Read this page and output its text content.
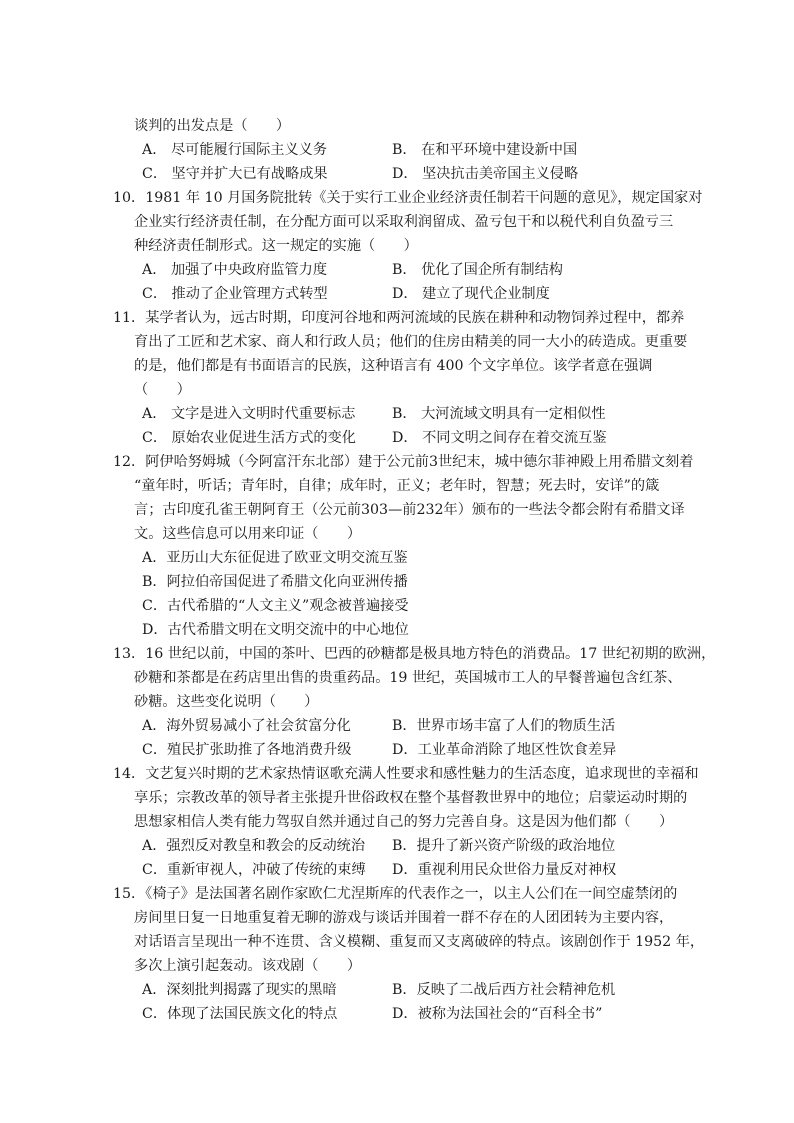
谈判的出发点是（　　）
A． 尽可能履行国际主义义务	B． 在和平环境中建设新中国
C． 坚守并扩大已有战略成果	D． 坚决抗击美帝国主义侵略
10．1981 年 10 月国务院批转《关于实行工业企业经济责任制若干问题的意见》，规定国家对
企业实行经济责任制，在分配方面可以采取利润留成、盈亏包干和以税代利自负盈亏三
种经济责任制形式。这一规定的实施（　　）
A． 加强了中央政府监管力度	B． 优化了国企所有制结构
C． 推动了企业管理方式转型	D． 建立了现代企业制度
11．某学者认为，远古时期，印度河谷地和两河流域的民族在耕种和动物饲养过程中，都养
育出了工匠和艺术家、商人和行政人员；他们的住房由精美的同一大小的砖造成。更重要
的是，他们都是有书面语言的民族，这种语言有 400 个文字单位。该学者意在强调
（　　）
A． 文字是进入文明时代重要标志	B． 大河流域文明具有一定相似性
C． 原始农业促进生活方式的变化	D． 不同文明之间存在着交流互鉴
12．阿伊哈努姆城（今阿富汗东北部）建于公元前3世纪末，城中德尔菲神殿上用希腊文刻着
“童年时，听话；青年时，自律；成年时，正义；老年时，智慧；死去时，安详”的箴
言；古印度孔雀王朝阿育王（公元前303—前232年）颁布的一些法令都会附有希腊文译
文。这些信息可以用来印证（　　）
A．亚历山大东征促进了欧亚文明交流互鉴
B．阿拉伯帝国促进了希腊文化向亚洲传播
C．古代希腊的“人文主义”观念被普遍接受
D．古代希腊文明在文明交流中的中心地位
13．16 世纪以前，中国的茶叶、巴西的砂糖都是极具地方特色的消费品。17 世纪初期的欧洲，
砂糖和茶都是在药店里出售的贵重药品。19 世纪，英国城市工人的早餐普遍包含红茶、
砂糖。这些变化说明（　　）
A．海外贸易减小了社会贫富分化	B．世界市场丰富了人们的物质生活
C．殖民扩张助推了各地消费升级	D．工业革命消除了地区性饮食差异
14．文艺复兴时期的艺术家热情讴歌充满人性要求和感性魅力的生活态度，追求现世的幸福和
享乐；宗教改革的领导者主张提升世俗政权在整个基督教世界中的地位；启蒙运动时期的
思想家相信人类有能力驾驭自然并通过自己的努力完善自身。这是因为他们都（　　）
A．强烈反对教皇和教会的反动统治 B．提升了新兴资产阶级的政治地位
C．重新审视人，冲破了传统的束缚 D．重视利用民众世俗力量反对神权
15．《椅子》是法国著名剧作家欧仁尤涅斯库的代表作之一，以主人公们在一间空虚禁闭的
房间里日复一日地重复着无聊的游戏与谈话并围着一群不存在的人团团转为主要内容，
对话语言呈现出一种不连贯、含义模糊、重复而又支离破碎的特点。该剧创作于 1952 年，
多次上演引起轰动。该戏剧（　　）
A．深刻批判揭露了现实的黑暗	B．反映了二战后西方社会精神危机
C．体现了法国民族文化的特点	D．被称为法国社会的“百科全书”
